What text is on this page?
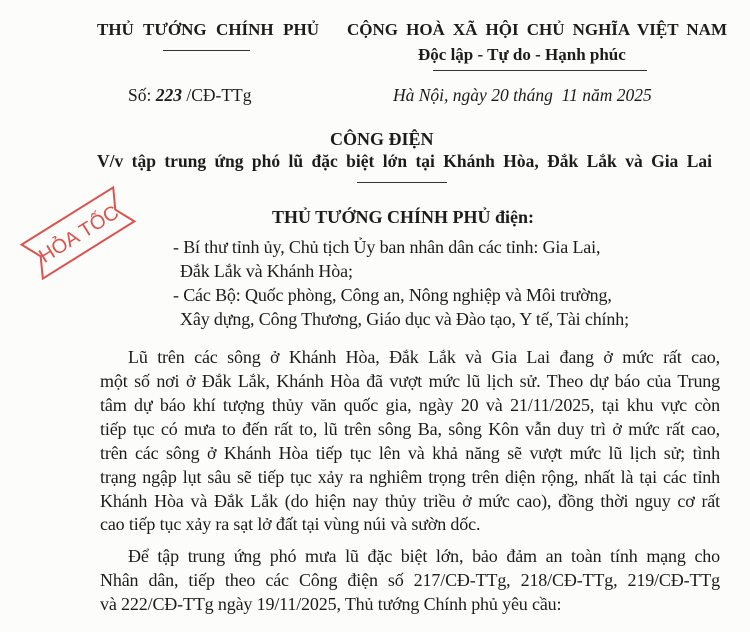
THỦ TƯỚNG CHÍNH PHỦ CỘNG HOÀ XÃ HỘI CHỦ NGHĨA VIỆT NAM
Độc lập - Tự do - Hạnh phúc
Số: 223 /CĐ-TTg	Hà Nội, ngày 20 tháng  11 năm 2025
CÔNG ĐIỆN
V/v tập trung ứng phó lũ đặc biệt lớn tại Khánh Hòa, Đắk Lắk và Gia Lai
HỎA TỐC	THỦ TƯỚNG CHÍNH PHỦ điện:
- Bí thư tỉnh ủy, Chủ tịch Ủy ban nhân dân các tỉnh: Gia Lai,
Đắk Lắk và Khánh Hòa;
- Các Bộ: Quốc phòng, Công an, Nông nghiệp và Môi trường,
Xây dựng, Công Thương, Giáo dục và Đào tạo, Y tế, Tài chính;
Lũ trên các sông ở Khánh Hòa, Đắk Lắk và Gia Lai đang ở mức rất cao,
một số nơi ở Đắk Lắk, Khánh Hòa đã vượt mức lũ lịch sử. Theo dự báo của Trung
tâm dự báo khí tượng thủy văn quốc gia, ngày 20 và 21/11/2025, tại khu vực còn
tiếp tục có mưa to đến rất to, lũ trên sông Ba, sông Kôn vẫn duy trì ở mức rất cao,
trên các sông ở Khánh Hòa tiếp tục lên và khả năng sẽ vượt mức lũ lịch sử; tình
trạng ngập lụt sâu sẽ tiếp tục xảy ra nghiêm trọng trên diện rộng, nhất là tại các tỉnh
Khánh Hòa và Đắk Lắk (do hiện nay thủy triều ở mức cao), đồng thời nguy cơ rất
cao tiếp tục xảy ra sạt lở đất tại vùng núi và sườn dốc.
Để tập trung ứng phó mưa lũ đặc biệt lớn, bảo đảm an toàn tính mạng cho
Nhân dân, tiếp theo các Công điện số 217/CĐ-TTg, 218/CĐ-TTg, 219/CĐ-TTg
và 222/CĐ-TTg ngày 19/11/2025, Thủ tướng Chính phủ yêu cầu:
